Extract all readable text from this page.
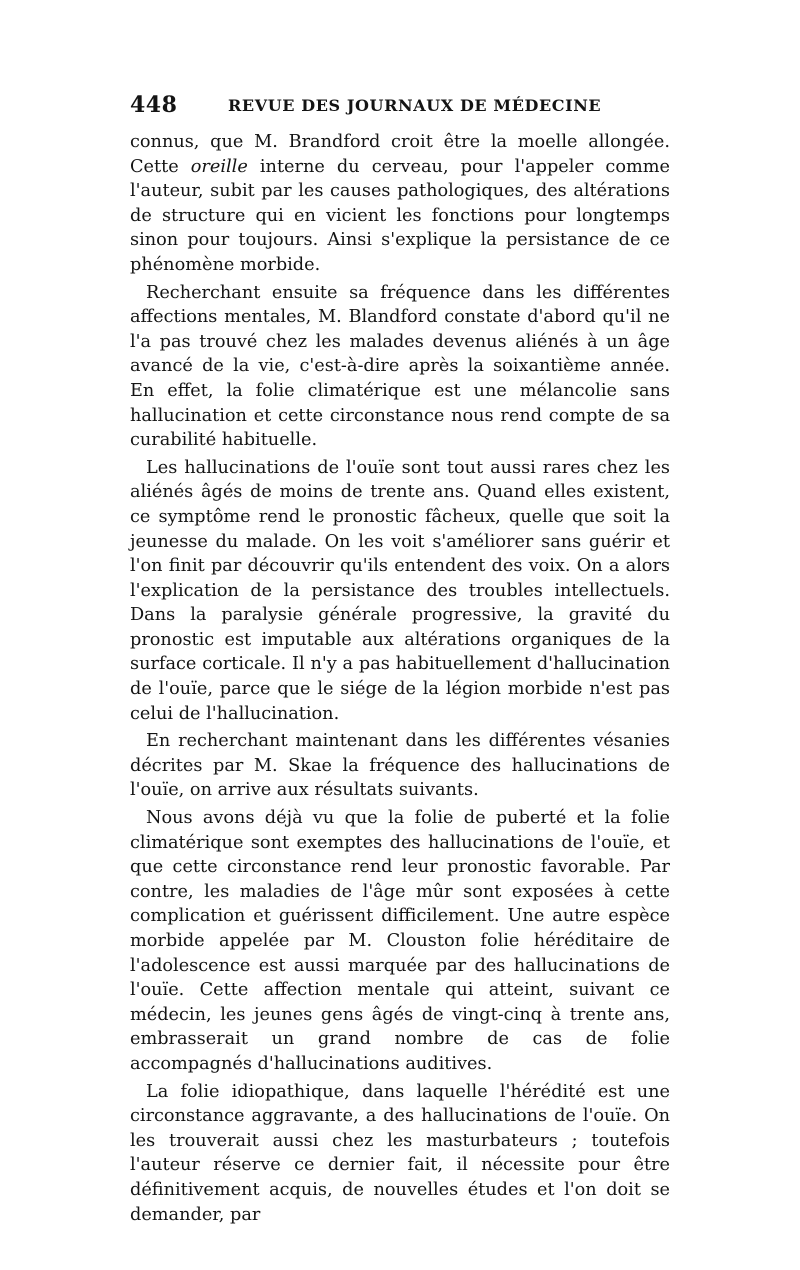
448	REVUE DES JOURNAUX DE MÉDECINE

connus, que M. Brandford croit être la moelle allongée. Cette oreille interne du cerveau, pour l'appeler comme l'auteur, subit par les causes pathologiques, des altérations de structure qui en vicient les fonctions pour longtemps sinon pour toujours. Ainsi s'explique la persistance de ce phénomène morbide.

Recherchant ensuite sa fréquence dans les différentes affections mentales, M. Blandford constate d'abord qu'il ne l'a pas trouvé chez les malades devenus aliénés à un âge avancé de la vie, c'est-à-dire après la soixantième année. En effet, la folie climatérique est une mélancolie sans hallucination et cette circonstance nous rend compte de sa curabilité habituelle.

Les hallucinations de l'ouïe sont tout aussi rares chez les aliénés âgés de moins de trente ans. Quand elles existent, ce symptôme rend le pronostic fâcheux, quelle que soit la jeunesse du malade. On les voit s'améliorer sans guérir et l'on finit par découvrir qu'ils entendent des voix. On a alors l'explication de la persistance des troubles intellectuels. Dans la paralysie générale progressive, la gravité du pronostic est imputable aux altérations organiques de la surface corticale. Il n'y a pas habituellement d'hallucination de l'ouïe, parce que le siége de la légion morbide n'est pas celui de l'hallucination.

En recherchant maintenant dans les différentes vésanies décrites par M. Skae la fréquence des hallucinations de l'ouïe, on arrive aux résultats suivants.

Nous avons déjà vu que la folie de puberté et la folie climatérique sont exemptes des hallucinations de l'ouïe, et que cette circonstance rend leur pronostic favorable. Par contre, les maladies de l'âge mûr sont exposées à cette complication et guérissent difficilement. Une autre espèce morbide appelée par M. Clouston folie héréditaire de l'adolescence est aussi marquée par des hallucinations de l'ouïe. Cette affection mentale qui atteint, suivant ce médecin, les jeunes gens âgés de vingt-cinq à trente ans, embrasserait un grand nombre de cas de folie accompagnés d'hallucinations auditives.

La folie idiopathique, dans laquelle l'hérédité est une circonstance aggravante, a des hallucinations de l'ouïe. On les trouverait aussi chez les masturbateurs ; toutefois l'auteur réserve ce dernier fait, il nécessite pour être définitivement acquis, de nouvelles études et l'on doit se demander, par
